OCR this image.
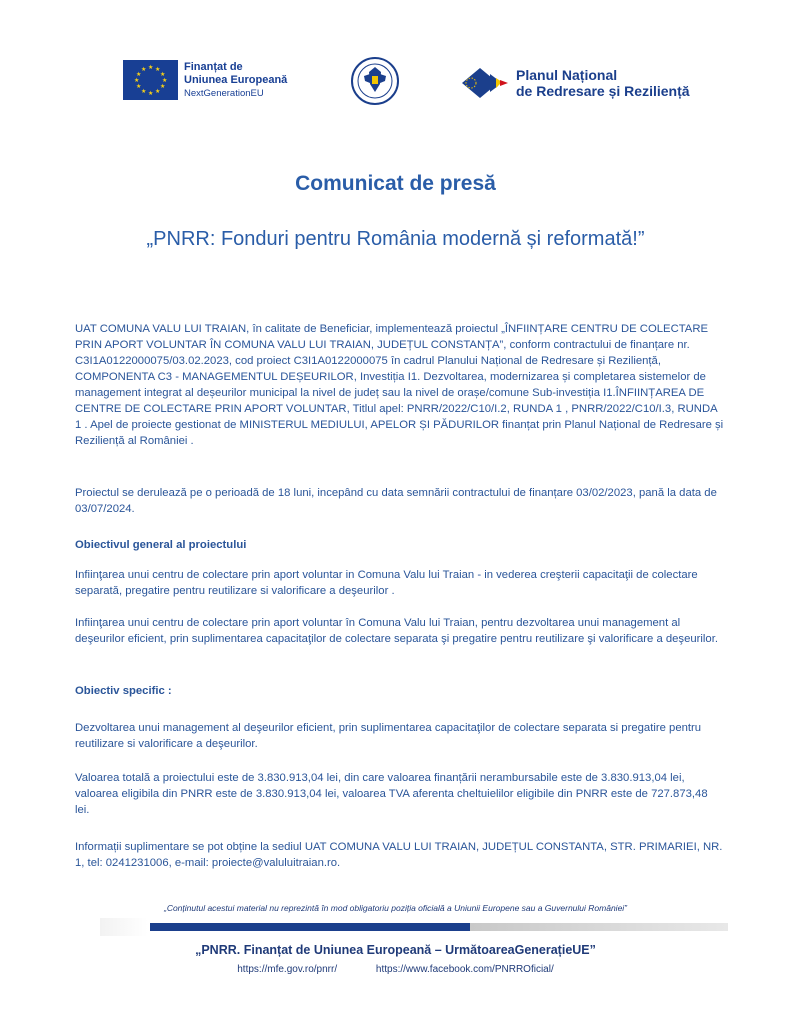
★ ★
★
★
★
★
★
★
★
★
★
★	Finanțat de
Uniunea Europeană
NextGenerationEU
Planul Național
de Redresare și Reziliență
Comunicat de presă
„PNRR: Fonduri pentru România modernă și reformată!”

UAT COMUNA VALU LUI TRAIAN, în calitate de Beneficiar, implementează proiectul „ÎNFIINȚARE CENTRU DE COLECTARE PRIN APORT VOLUNTAR ÎN COMUNA VALU LUI TRAIAN, JUDEȚUL CONSTANȚA”, conform contractului de finanțare nr. C3I1A0122000075/03.02.2023, cod proiect C3I1A0122000075 în cadrul Planului Național de Redresare și Reziliență, COMPONENTA C3 - MANAGEMENTUL DEȘEURILOR, Investiția I1. Dezvoltarea, modernizarea și completarea sistemelor de management integrat al deșeurilor municipal la nivel de județ sau la nivel de orașe/comune Sub-investiția I1.ÎNFIINȚAREA DE CENTRE DE COLECTARE PRIN APORT VOLUNTAR, Titlul apel: PNRR/2022/C10/I.2, RUNDA 1 , PNRR/2022/C10/I.3, RUNDA 1 . Apel de proiecte gestionat de MINISTERUL MEDIULUI, APELOR ȘI PĂDURILOR finanțat prin Planul Național de Redresare și Reziliență al României .

Proiectul se derulează pe o perioadă de 18 luni, incepând cu data semnării contractului de finanțare 03/02/2023, pană la data de 03/07/2024.

Obiectivul general al proiectului

Infiinţarea unui centru de colectare prin aport voluntar in Comuna Valu lui Traian - in vederea creşterii capacitaţii de colectare separată, pregatire pentru reutilizare si valorificare a deşeurilor .

Infiinţarea unui centru de colectare prin aport voluntar în Comuna Valu lui Traian, pentru dezvoltarea unui management al deşeurilor eficient, prin suplimentarea capacitaţilor de colectare separata şi pregatire pentru reutilizare şi valorificare a deşeurilor.

Obiectiv specific :

Dezvoltarea unui management al deşeurilor eficient, prin suplimentarea capacitaţilor de colectare separata si pregatire pentru reutilizare si valorificare a deşeurilor.

Valoarea totală a proiectului este de 3.830.913,04 lei, din care valoarea finanțării nerambursabile este de 3.830.913,04 lei, valoarea eligibila din PNRR este de 3.830.913,04 lei, valoarea TVA aferenta cheltuielilor eligibile din PNRR este de 727.873,48 lei.

Informații suplimentare se pot obține la sediul UAT COMUNA VALU LUI TRAIAN, JUDEȚUL CONSTANTA, STR. PRIMARIEI, NR. 1, tel: 0241231006, e-mail: proiecte@valuluitraian.ro.

„Conținutul acestui material nu reprezintă în mod obligatoriu poziția oficială a Uniunii Europene sau a Guvernului României”
„PNRR. Finanțat de Uniunea Europeană – UrmătoareaGenerațieUE”
https://mfe.gov.ro/pnrr/	https://www.facebook.com/PNRROficial/
